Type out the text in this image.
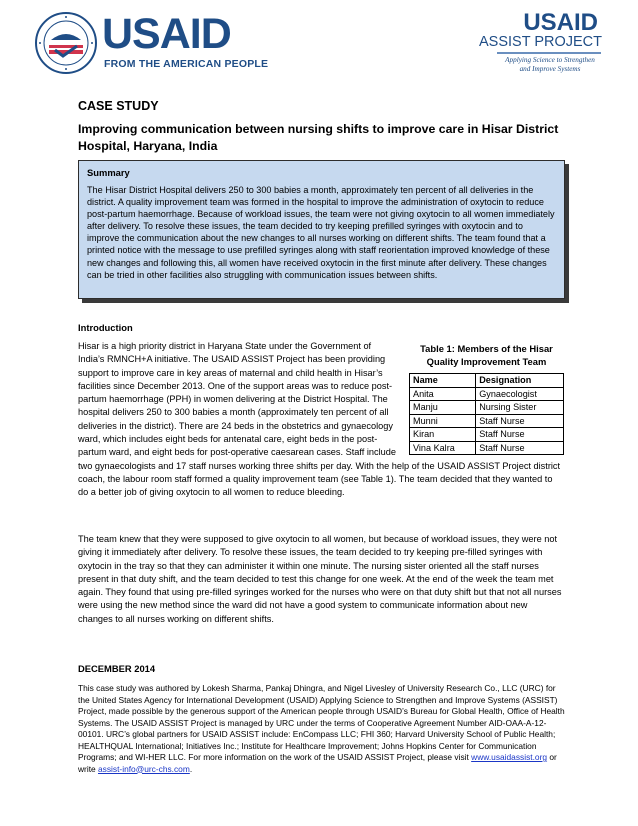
USAID
FROM THE AMERICAN PEOPLE
USAID
ASSIST PROJECT
Applying Science to Strengthen
and Improve Systems
CASE STUDY
Improving communication between nursing shifts to improve care in Hisar District Hospital, Haryana, India
Summary
The Hisar District Hospital delivers 250 to 300 babies a month, approximately ten percent of all deliveries in the district. A quality improvement team was formed in the hospital to improve the administration of oxytocin to reduce post-partum haemorrhage. Because of workload issues, the team were not giving oxytocin to all women immediately after delivery. To resolve these issues, the team decided to try keeping prefilled syringes with oxytocin and to improve the communication about the new changes to all nurses working on different shifts. The team found that a printed notice with the message to use prefilled syringes along with staff reorientation improved knowledge of these new changes and following this, all women have received oxytocin in the first minute after delivery. These changes can be tried in other facilities also struggling with communication issues between shifts.
Introduction
Table 1: Members of the Hisar Quality Improvement Team
Name	Designation
Anita	Gynaecologist
Manju	Nursing Sister
Munni	Staff Nurse
Kiran	Staff Nurse
Vina Kalra	Staff Nurse
Hisar is a high priority district in Haryana State under the Government of India’s RMNCH+A initiative. The USAID ASSIST Project has been providing support to improve care in key areas of maternal and child health in Hisar’s facilities since December 2013. One of the support areas was to reduce post-partum haemorrhage (PPH) in women delivering at the District Hospital. The hospital delivers 250 to 300 babies a month (approximately ten percent of all deliveries in the district). There are 24 beds in the obstetrics and gynaecology ward, which includes eight beds for antenatal care, eight beds in the post-partum ward, and eight beds for post-operative caesarean cases. Staff include two gynaecologists and 17 staff nurses working three shifts per day. With the help of the USAID ASSIST Project district coach, the labour room staff formed a quality improvement team (see Table 1). The team decided that they wanted to do a better job of giving oxytocin to all women to reduce bleeding.
The team knew that they were supposed to give oxytocin to all women, but because of workload issues, they were not giving it immediately after delivery. To resolve these issues, the team decided to try keeping pre-filled syringes with oxytocin in the tray so that they can administer it within one minute. The nursing sister oriented all the staff nurses present in that duty shift, and the team decided to test this change for one week. At the end of the week the team met again. They found that using pre-filled syringes worked for the nurses who were on that duty shift but that not all nurses were using the new method since the ward did not have a good system to communicate information about new changes to all nurses working on different shifts.
DECEMBER 2014
This case study was authored by Lokesh Sharma, Pankaj Dhingra, and Nigel Livesley of University Research Co., LLC (URC) for the United States Agency for International Development (USAID) Applying Science to Strengthen and Improve Systems (ASSIST) Project, made possible by the generous support of the American people through USAID’s Bureau for Global Health, Office of Health Systems. The USAID ASSIST Project is managed by URC under the terms of Cooperative Agreement Number AID-OAA-A-12-00101. URC’s global partners for USAID ASSIST include: EnCompass LLC; FHI 360; Harvard University School of Public Health; HEALTHQUAL International; Initiatives Inc.; Institute for Healthcare Improvement; Johns Hopkins Center for Communication Programs; and WI-HER LLC. For more information on the work of the USAID ASSIST Project, please visit www.usaidassist.org or write assist-info@urc-chs.com.
